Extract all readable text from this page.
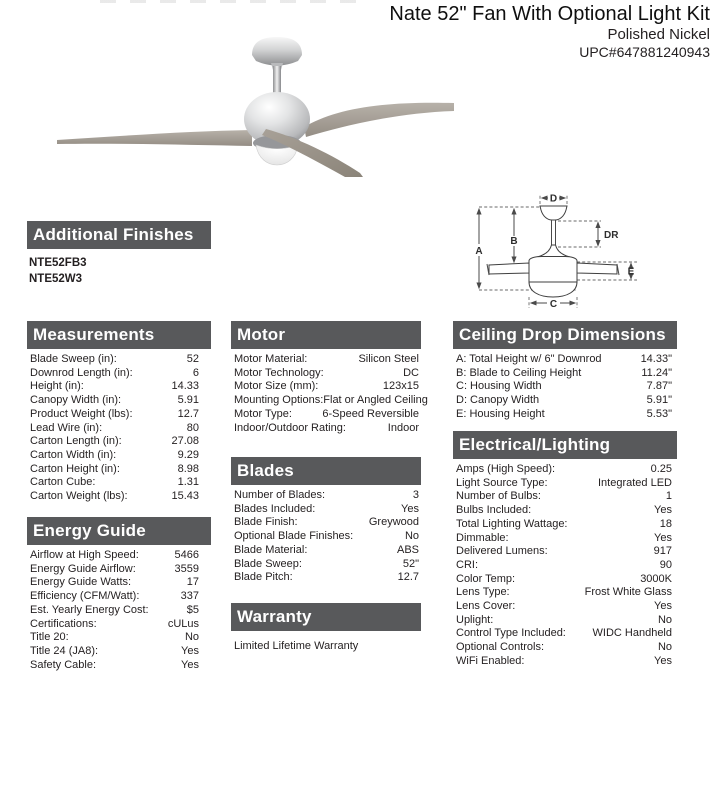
Nate 52" Fan With Optional Light Kit
Polished Nickel
UPC#647881240943
A
B
D
DR
E
C
Additional Finishes
NTE52FB3
NTE52W3
Measurements
Blade Sweep (in):	52
Downrod Length (in):	6
Height (in):	14.33
Canopy Width (in):	5.91
Product Weight (lbs):	12.7
Lead Wire (in):	80
Carton Length (in):	27.08
Carton Width (in):	9.29
Carton Height (in):	8.98
Carton Cube:	1.31
Carton Weight (lbs):	15.43
Energy Guide
Airflow at High Speed:	5466
Energy Guide Airflow:	3559
Energy Guide Watts:	17
Efficiency (CFM/Watt):	337
Est. Yearly Energy Cost:	$5
Certifications:	cULus
Title 20:	No
Title 24 (JA8):	Yes
Safety Cable:	Yes
Motor
Motor Material:	Silicon Steel
Motor Technology:	DC
Motor Size (mm):	123x15
Mounting Options: Flat or Angled Ceiling
Motor Type:	6-Speed Reversible
Indoor/Outdoor Rating:	Indoor
Blades
Number of Blades:	3
Blades Included:	Yes
Blade Finish:	Greywood
Optional Blade Finishes:	No
Blade Material:	ABS
Blade Sweep:	52"
Blade Pitch:	12.7
Warranty
Limited Lifetime Warranty
Ceiling Drop Dimensions
A: Total Height w/ 6" Downrod	14.33"
B: Blade to Ceiling Height	11.24"
C: Housing Width	7.87"
D: Canopy Width	5.91"
E: Housing Height	5.53"
Electrical/Lighting
Amps (High Speed):	0.25
Light Source Type:	Integrated LED
Number of Bulbs:	1
Bulbs Included:	Yes
Total Lighting Wattage:	18
Dimmable:	Yes
Delivered Lumens:	917
CRI:	90
Color Temp:	3000K
Lens Type:	Frost White Glass
Lens Cover:	Yes
Uplight:	No
Control Type Included: WIDC Handheld
Optional Controls:	No
WiFi Enabled:	Yes
